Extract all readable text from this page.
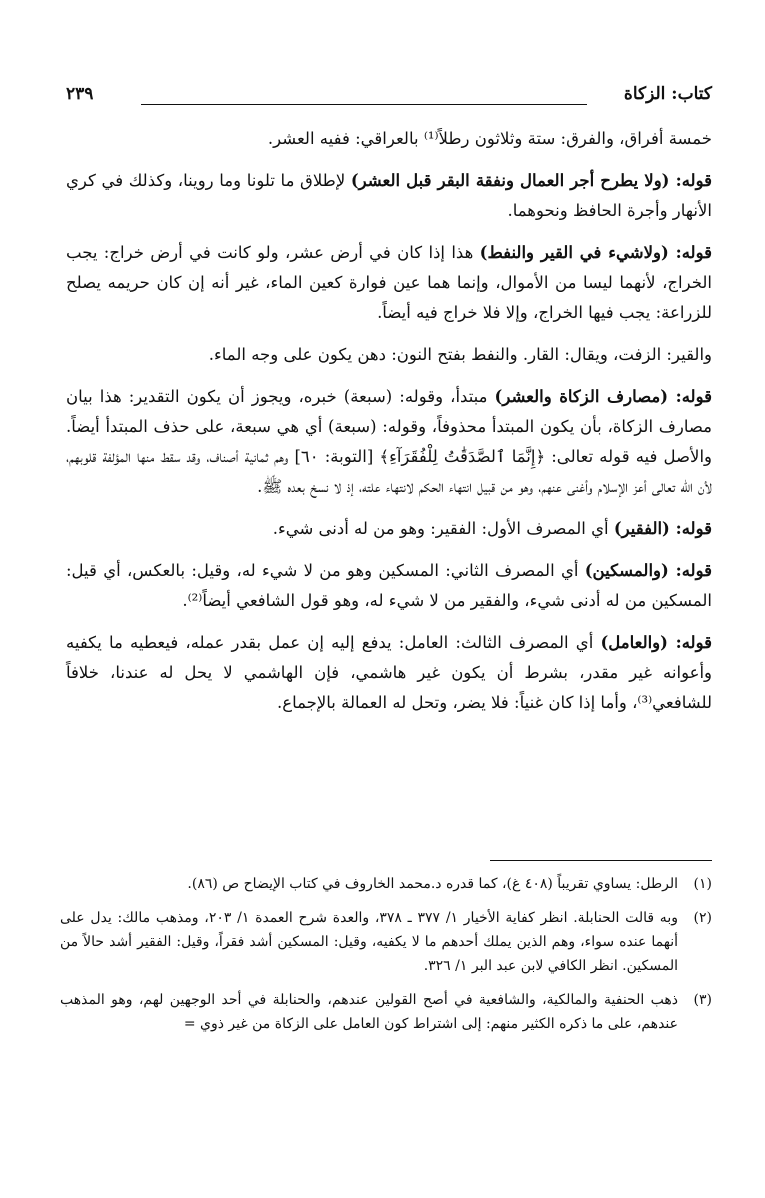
كتاب: الزكاة
٢٣٩

خمسة أفراق، والفرق: ستة وثلاثون رطلاً⁽¹⁾ بالعراقي: ففيه العشر.

قوله: (ولا يطرح أجر العمال ونفقة البقر قبل العشر) لإطلاق ما تلونا وما روينا، وكذلك في كري الأنهار وأجرة الحافظ ونحوهما.

قوله: (ولاشيء في القير والنفط) هذا إذا كان في أرض عشر، ولو كانت في أرض خراج: يجب الخراج، لأنهما ليسا من الأموال، وإنما هما عين فوارة كعين الماء، غير أنه إن كان حريمه يصلح للزراعة: يجب فيها الخراج، وإلا فلا خراج فيه أيضاً.

والقير: الزفت، ويقال: القار. والنفط بفتح النون: دهن يكون على وجه الماء.

قوله: (مصارف الزكاة والعشر) مبتدأ، وقوله: (سبعة) خبره، ويجوز أن يكون التقدير: هذا بيان مصارف الزكاة، بأن يكون المبتدأ محذوفاً، وقوله: (سبعة) أي هي سبعة، على حذف المبتدأ أيضاً. والأصل فيه قوله تعالى: ﴿إِنَّمَا ٱلصَّدَقَٰتُ لِلْفُقَرَآءِ﴾ [التوبة: ٦٠] وهم ثمانية أصناف، وقد سقط منها المؤلفة قلوبهم، لأن الله تعالى أعز الإسلام وأغنى عنهم، وهو من قبيل انتهاء الحكم لانتهاء علته، إذ لا نسخ بعده ﷺ.

قوله: (الفقير) أي المصرف الأول: الفقير: وهو من له أدنى شيء.

قوله: (والمسكين) أي المصرف الثاني: المسكين وهو من لا شيء له، وقيل: بالعكس، أي قيل: المسكين من له أدنى شيء، والفقير من لا شيء له، وهو قول الشافعي أيضاً⁽²⁾.

قوله: (والعامل) أي المصرف الثالث: العامل: يدفع إليه إن عمل بقدر عمله، فيعطيه ما يكفيه وأعوانه غير مقدر، بشرط أن يكون غير هاشمي، فإن الهاشمي لا يحل له عندنا، خلافاً للشافعي⁽³⁾، وأما إذا كان غنياً: فلا يضر، وتحل له العمالة بالإجماع.

(١)
الرطل: يساوي تقريباً (٤٠٨ غ)، كما قدره د.محمد الخاروف في كتاب الإيضاح ص (٨٦).
(٢)
وبه قالت الحنابلة. انظر كفاية الأخيار ١/ ٣٧٧ ـ ٣٧٨، والعدة شرح العمدة ١/ ٢٠٣، ومذهب مالك: يدل على أنهما عنده سواء، وهم الذين يملك أحدهم ما لا يكفيه، وقيل: المسكين أشد فقراً، وقيل: الفقير أشد حالاً من المسكين. انظر الكافي لابن عبد البر ١/ ٣٢٦.
(٣)
ذهب الحنفية والمالكية، والشافعية في أصح القولين عندهم، والحنابلة في أحد الوجهين لهم، وهو المذهب عندهم، على ما ذكره الكثير منهم: إلى اشتراط كون العامل على الزكاة من غير ذوي =
